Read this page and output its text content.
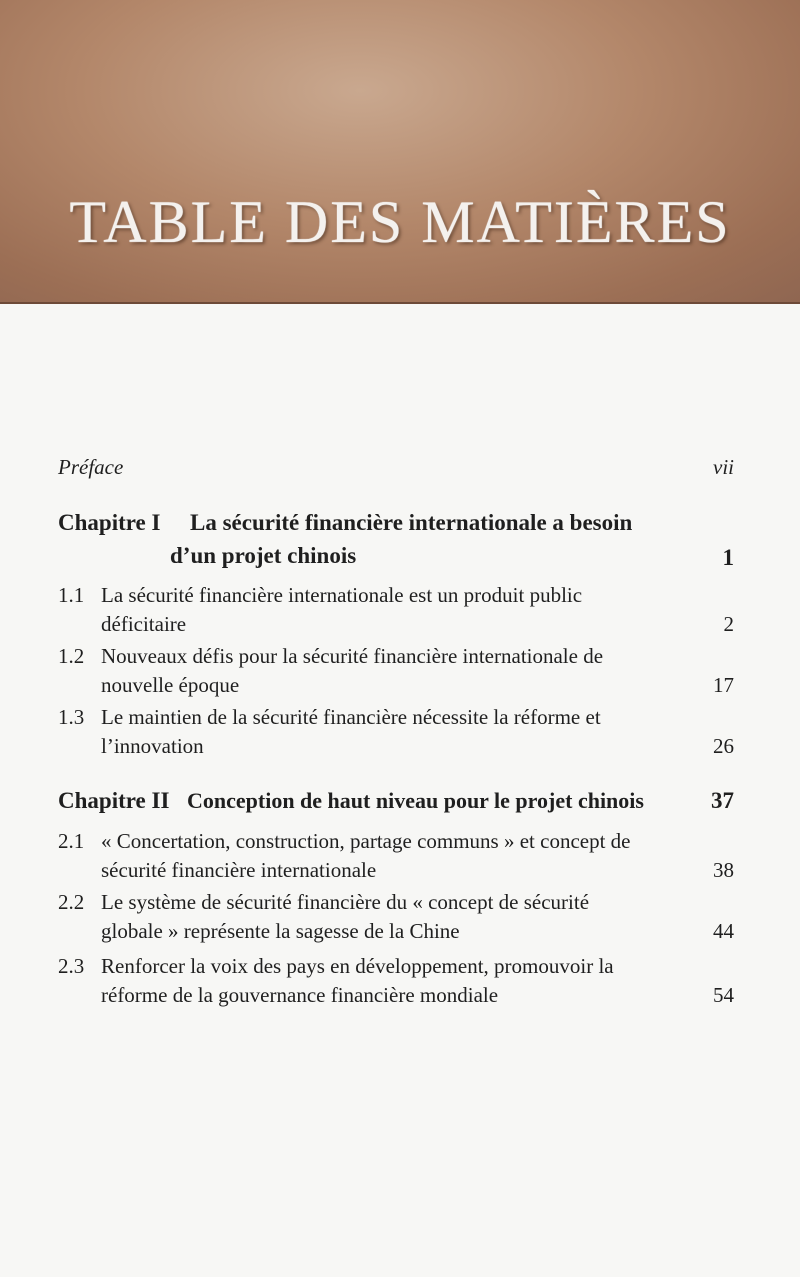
TABLE DES MATIÈRES
Préface	vii
Chapitre I La sécurité financière internationale a besoin
d’un projet chinois	1
1.1 La sécurité financière internationale est un produit public
déficitaire	2
1.2 Nouveaux défis pour la sécurité financière internationale de
nouvelle époque	17
1.3 Le maintien de la sécurité financière nécessite la réforme et
l’innovation	26
Chapitre II Conception de haut niveau pour le projet chinois	37
2.1 « Concertation, construction, partage communs » et concept de
sécurité financière internationale	38
2.2 Le système de sécurité financière du « concept de sécurité
globale » représente la sagesse de la Chine	44
2.3 Renforcer la voix des pays en développement, promouvoir la
réforme de la gouvernance financière mondiale	54
